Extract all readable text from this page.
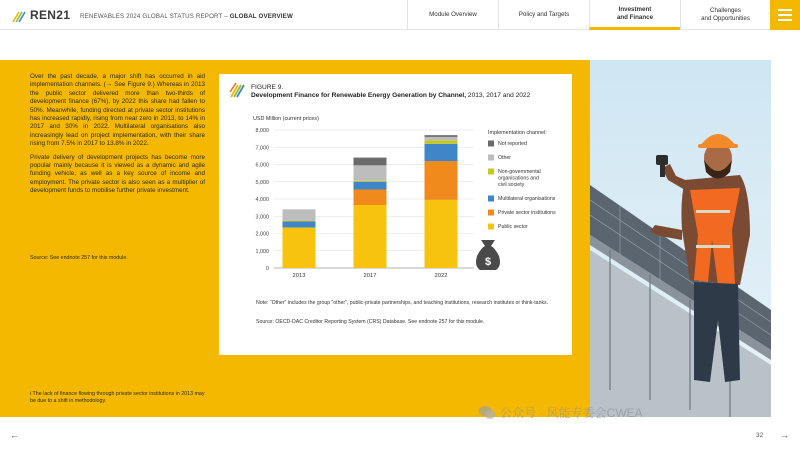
REN21 RENEWABLES 2024 GLOBAL STATUS REPORT – GLOBAL OVERVIEW	Module Overview	Policy and Targets
Investment
and Finance
Challenges
and Opportunities

Over the past decade, a major shift has occurred in aid implementation channels. (→ See Figure 9.) Whereas in 2013 the public sector delivered more than two-thirds of development finance (67%), by 2022 this share had fallen to 50%. Meanwhile, funding directed at private sector institutions has increased rapidly, rising from near zero in 2013, to 14% in 2017 and 30% in 2022. Multilateral organisations also increasingly lead on project implementation, with their share rising from 7.5% in 2017 to 13.8% in 2022.

Private delivery of development projects has become more popular mainly because it is viewed as a dynamic and agile funding vehicle, as well as a key source of income and employment. The private sector is also seen as a multiplier of development funds to mobilise further private investment.

Source: See endnote 257 for this module.
i The lack of finance flowing through private sector institutions in 2013 may be due to a shift in methodology.
FIGURE 9.
Development Finance for Renewable Energy Generation by Channel, 2013, 2017 and 2022
USD Million (current prices)
0
1,000
2,000
3,000
4,000
5,000
6,000
7,000
8,000
2013	2017	2022
Implementation channel:
Not reported
Other
Non-governmental
organisations and
civil society
Multilateral organisations
Private sector institutions
Public sector
$
Note: “Other” includes the group “other”, public-private partnerships, and teaching institutions, research institutes or think-tanks.
Source: OECD-DAC Creditor Reporting System (CRS) Database. See endnote 257 for this module.
←	32 →
公众号 · 风能专委会CWEA
